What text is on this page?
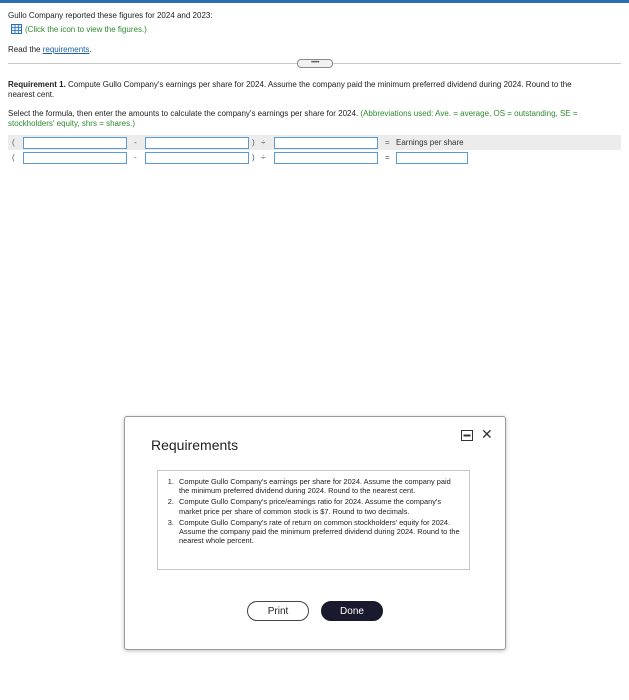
Gullo Company reported these figures for 2024 and 2023:
(Click the icon to view the figures.)
Read the requirements.
•••••
Requirement 1. Compute Gullo Company's earnings per share for 2024. Assume the company paid the minimum preferred dividend during 2024. Round to the
nearest cent.
Select the formula, then enter the amounts to calculate the company's earnings per share for 2024. (Abbreviations used: Ave. = average, OS = outstanding, SE =
stockholders' equity, shrs = shares.)
(	-	) ÷	= Earnings per share
(	-	) ÷	=
Requirements
✕
1. Compute Gullo Company's earnings per share for 2024. Assume the company paid the minimum preferred dividend during 2024. Round to the nearest cent.
2. Compute Gullo Company's price/earnings ratio for 2024. Assume the company's market price per share of common stock is $7. Round to two decimals.
3. Compute Gullo Company's rate of return on common stockholders' equity for 2024. Assume the company paid the minimum preferred dividend during 2024. Round to the nearest whole percent.
Print	Done
